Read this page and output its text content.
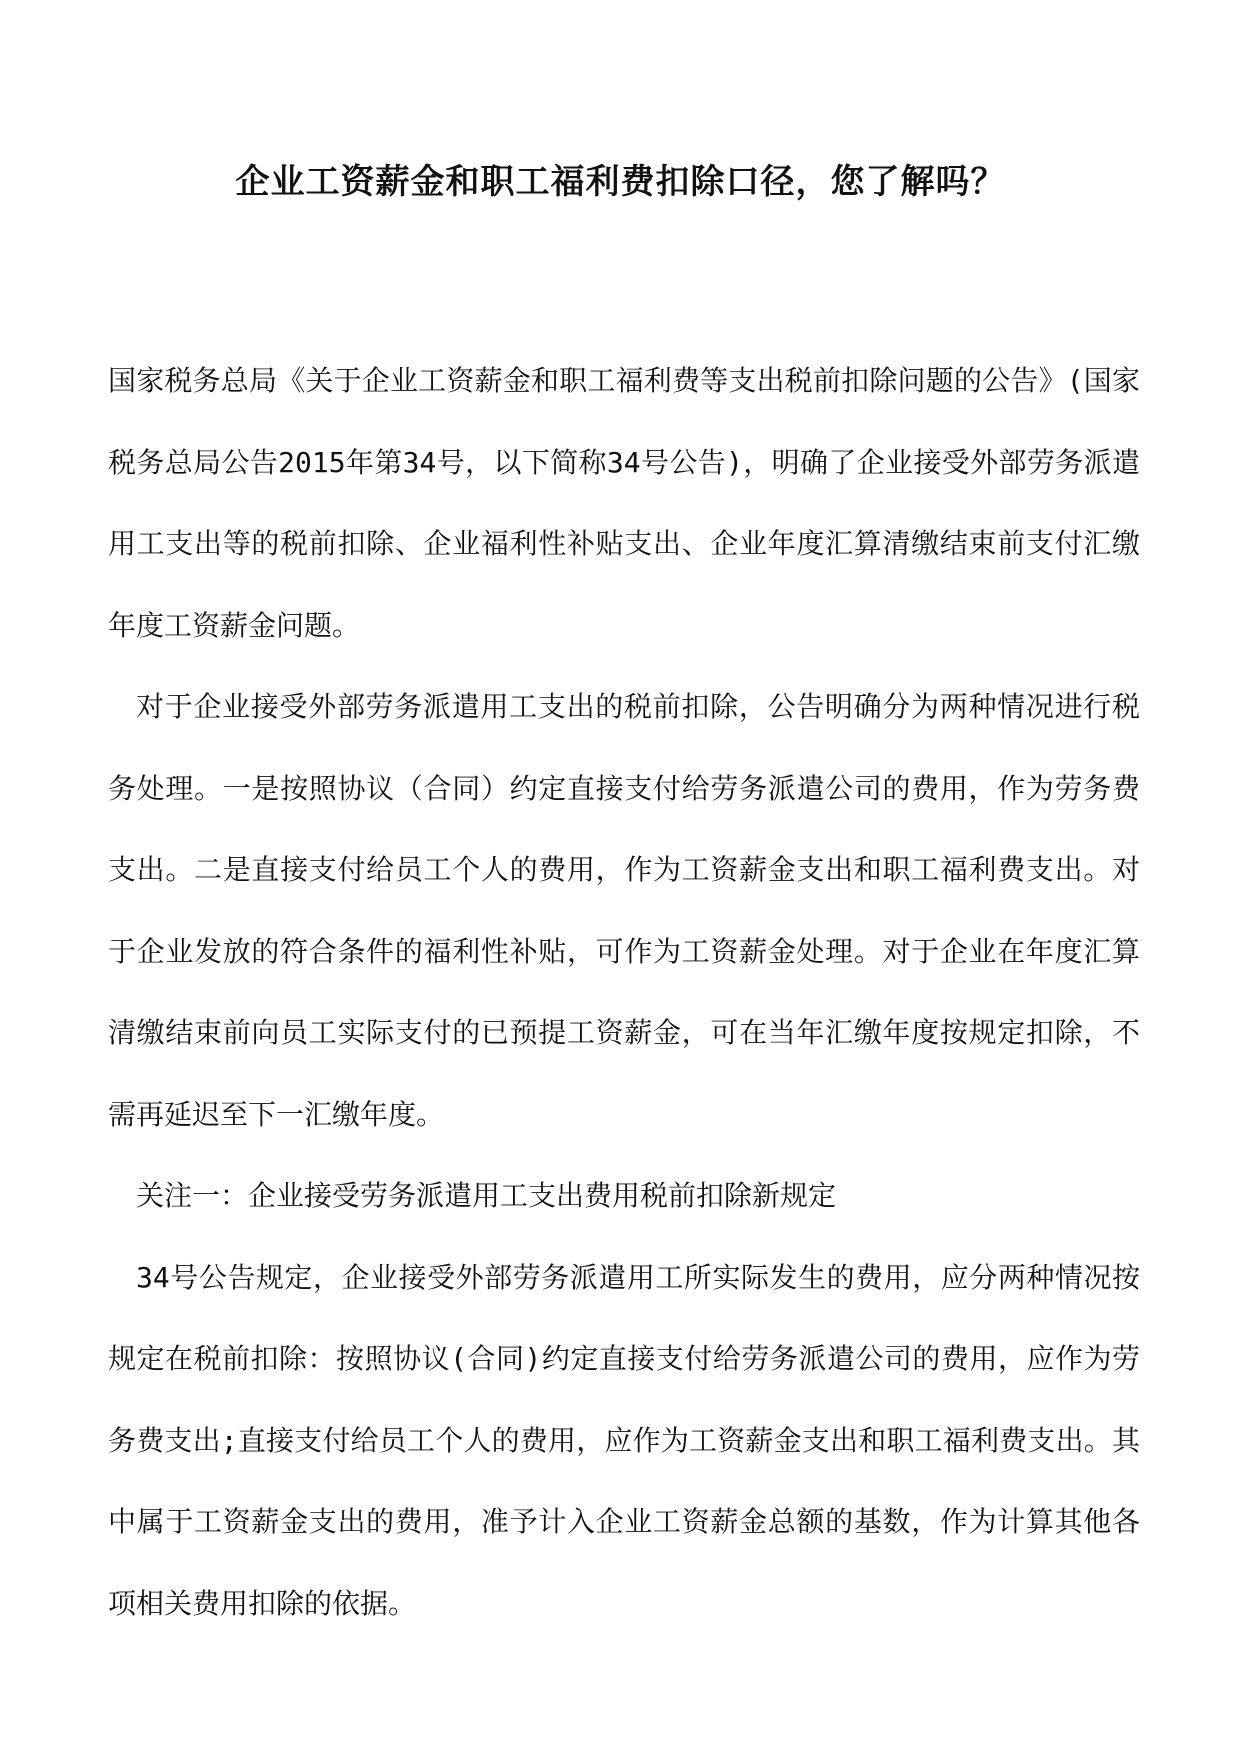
企业工资薪金和职工福利费扣除口径，您了解吗？

国家税务总局《关于企业工资薪金和职工福利费等支出税前扣除问题的公告》(国家税务总局公告2015年第34号，以下简称34号公告)，明确了企业接受外部劳务派遣用工支出等的税前扣除、企业福利性补贴支出、企业年度汇算清缴结束前支付汇缴年度工资薪金问题。

对于企业接受外部劳务派遣用工支出的税前扣除，公告明确分为两种情况进行税务处理。一是按照协议（合同）约定直接支付给劳务派遣公司的费用，作为劳务费支出。二是直接支付给员工个人的费用，作为工资薪金支出和职工福利费支出。对于企业发放的符合条件的福利性补贴，可作为工资薪金处理。对于企业在年度汇算清缴结束前向员工实际支付的已预提工资薪金，可在当年汇缴年度按规定扣除，不需再延迟至下一汇缴年度。

关注一：企业接受劳务派遣用工支出费用税前扣除新规定

34号公告规定，企业接受外部劳务派遣用工所实际发生的费用，应分两种情况按规定在税前扣除：按照协议(合同)约定直接支付给劳务派遣公司的费用，应作为劳务费支出;直接支付给员工个人的费用，应作为工资薪金支出和职工福利费支出。其中属于工资薪金支出的费用，准予计入企业工资薪金总额的基数，作为计算其他各项相关费用扣除的依据。
